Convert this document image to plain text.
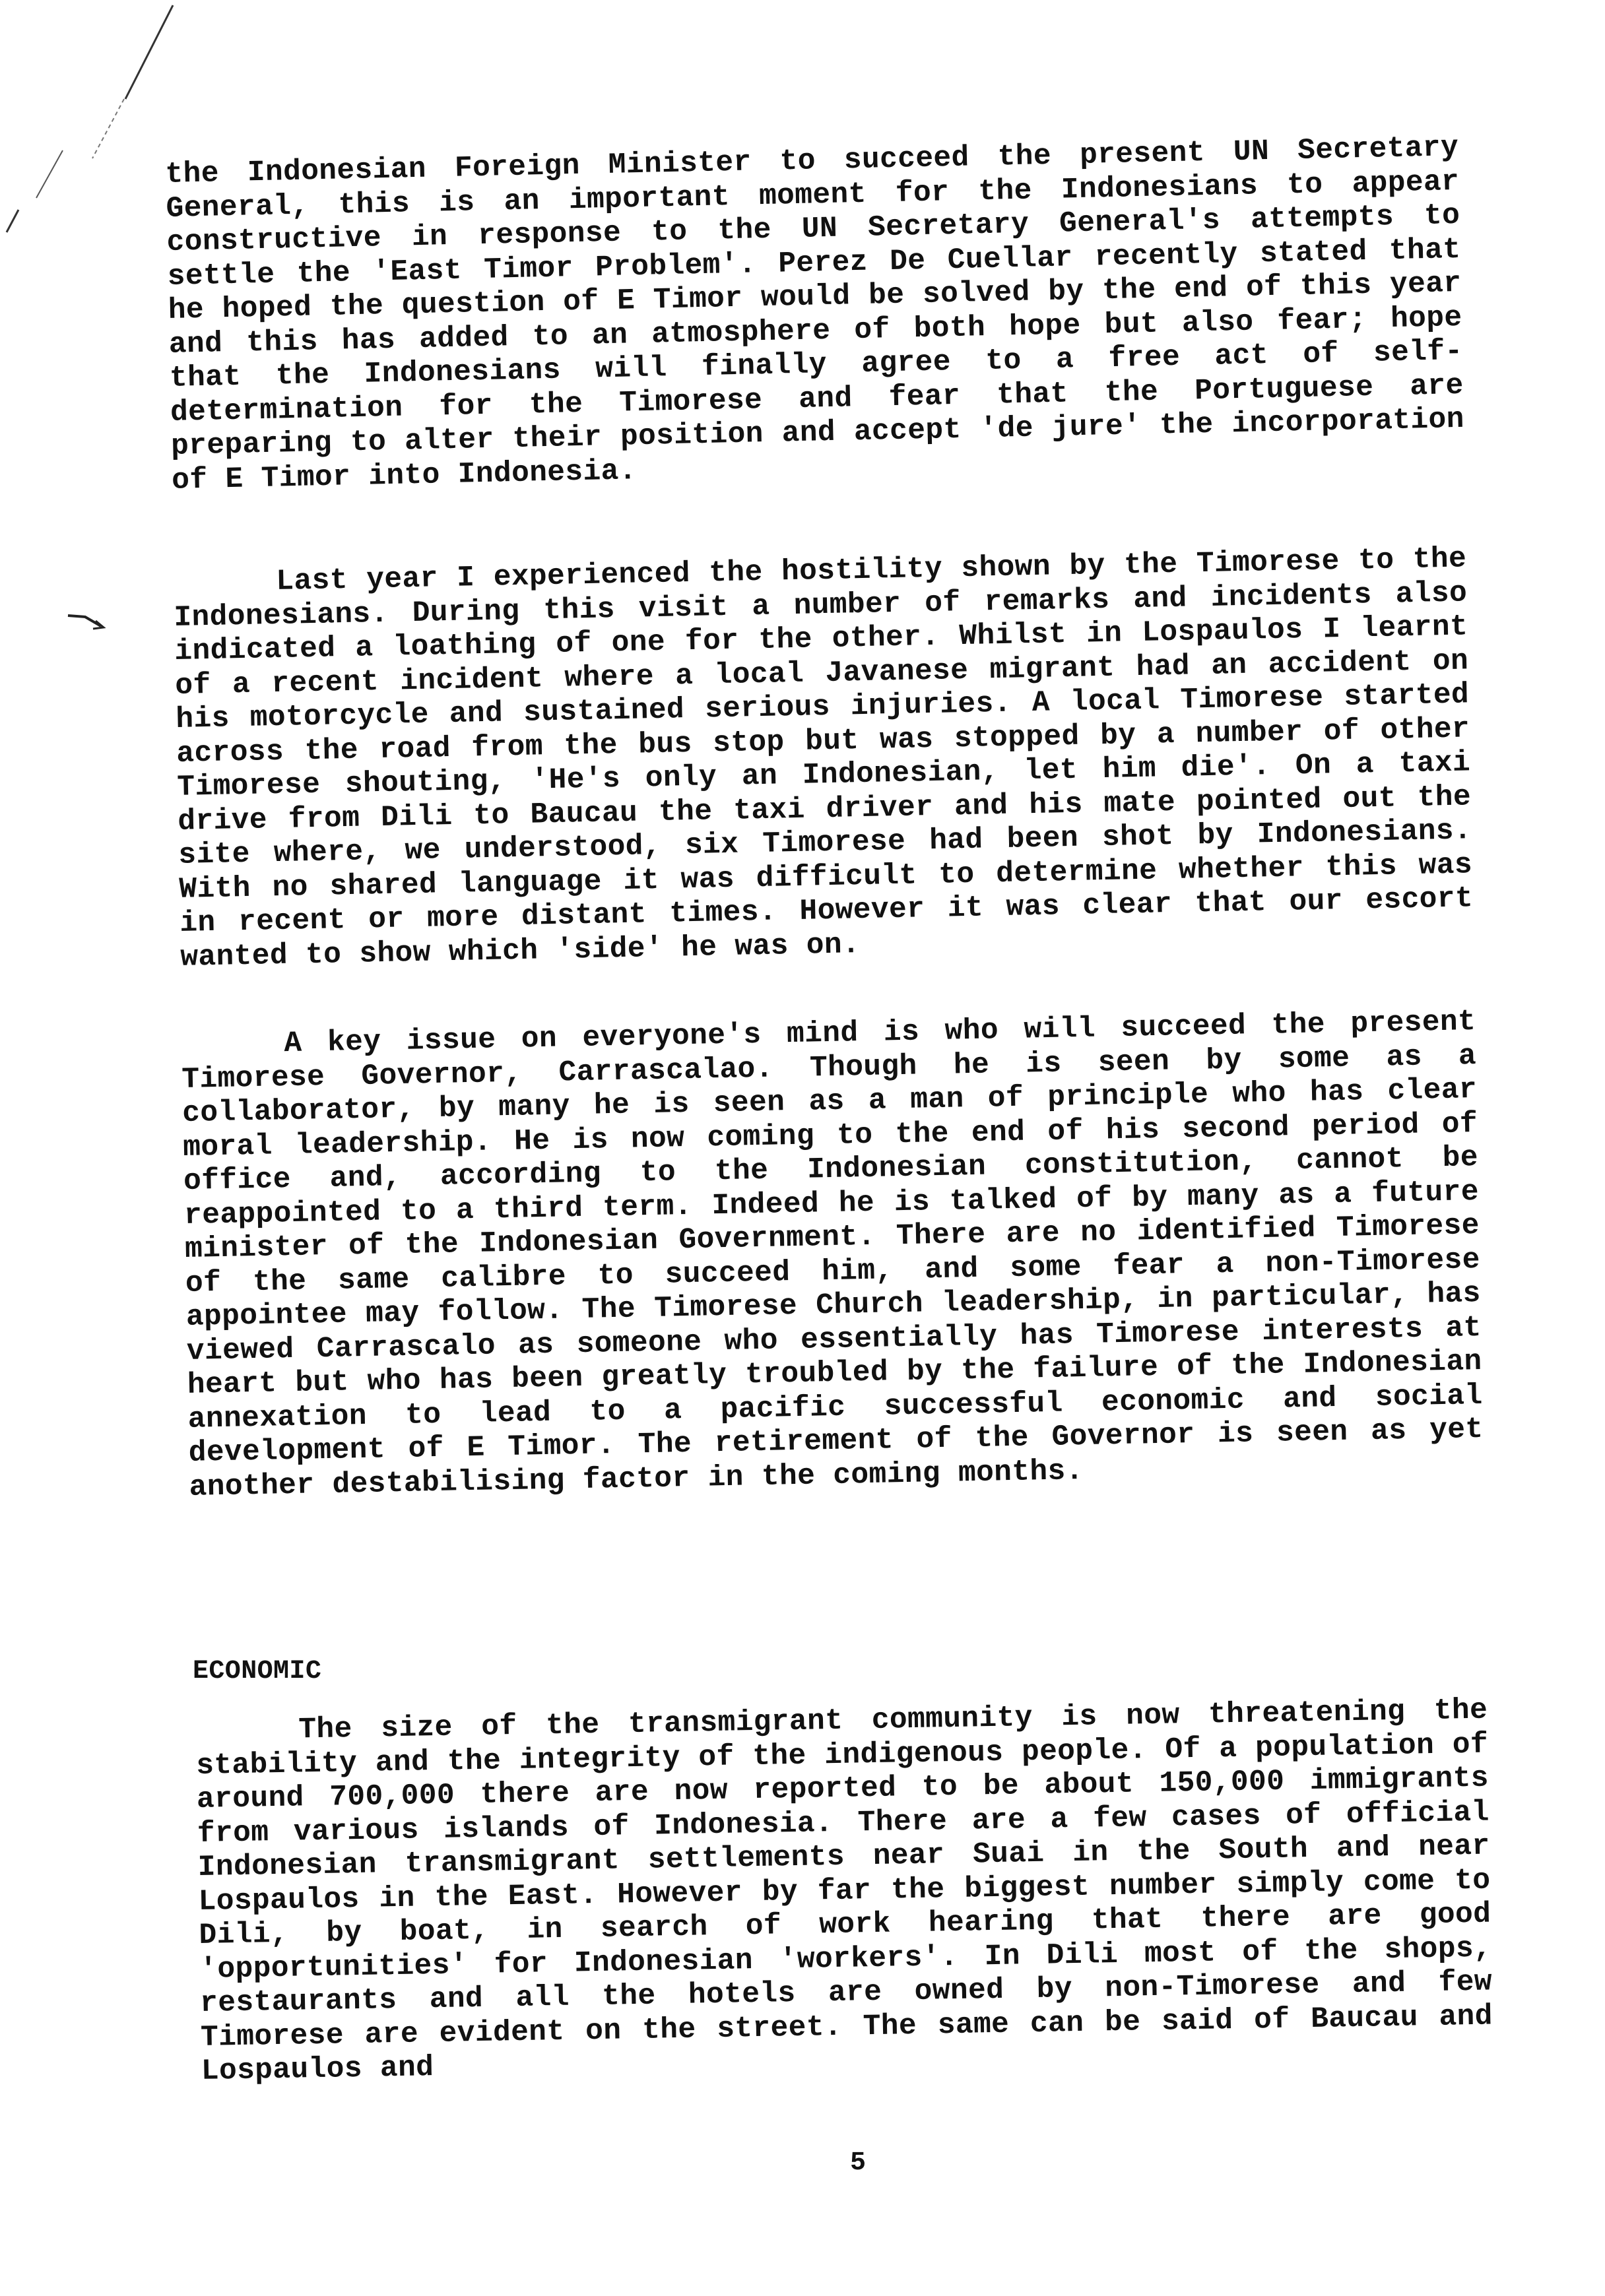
the Indonesian Foreign Minister to succeed the present UN Secretary General, this is an important moment for the Indonesians to appear constructive in response to the UN Secretary General's attempts to settle the 'East Timor Problem'. Perez De Cuellar recently stated that he hoped the question of E Timor would be solved by the end of this year and this has added to an atmosphere of both hope but also fear; hope that the Indonesians will finally agree to a free act of self-determination for the Timorese and fear that the Portuguese are preparing to alter their position and accept 'de jure' the incorporation of E Timor into Indonesia.

Last year I experienced the hostility shown by the Timorese to the Indonesians. During this visit a number of remarks and incidents also indicated a loathing of one for the other. Whilst in Lospaulos I learnt of a recent incident where a local Javanese migrant had an accident on his motorcycle and sustained serious injuries. A local Timorese started across the road from the bus stop but was stopped by a number of other Timorese shouting, 'He's only an Indonesian, let him die'. On a taxi drive from Dili to Baucau the taxi driver and his mate pointed out the site where, we understood, six Timorese had been shot by Indonesians. With no shared language it was difficult to determine whether this was in recent or more distant times. However it was clear that our escort wanted to show which 'side' he was on.

A key issue on everyone's mind is who will succeed the present Timorese Governor, Carrascalao. Though he is seen by some as a collaborator, by many he is seen as a man of principle who has clear moral leadership. He is now coming to the end of his second period of office and, according to the Indonesian constitution, cannot be reappointed to a third term. Indeed he is talked of by many as a future minister of the Indonesian Government. There are no identified Timorese of the same calibre to succeed him, and some fear a non-Timorese appointee may follow. The Timorese Church leadership, in particular, has viewed Carrascalo as someone who essentially has Timorese interests at heart but who has been greatly troubled by the failure of the Indonesian annexation to lead to a pacific successful economic and social development of E Timor. The retirement of the Governor is seen as yet another destabilising factor in the coming months.

ECONOMIC

The size of the transmigrant community is now threatening the stability and the integrity of the indigenous people. Of a population of around 700,000 there are now reported to be about 150,000 immigrants from various islands of Indonesia. There are a few cases of official Indonesian transmigrant settlements near Suai in the South and near Lospaulos in the East. However by far the biggest number simply come to Dili, by boat, in search of work hearing that there are good 'opportunities' for Indonesian 'workers'. In Dili most of the shops, restaurants and all the hotels are owned by non-Timorese and few Timorese are evident on the street. The same can be said of Baucau and Lospaulos and

5
